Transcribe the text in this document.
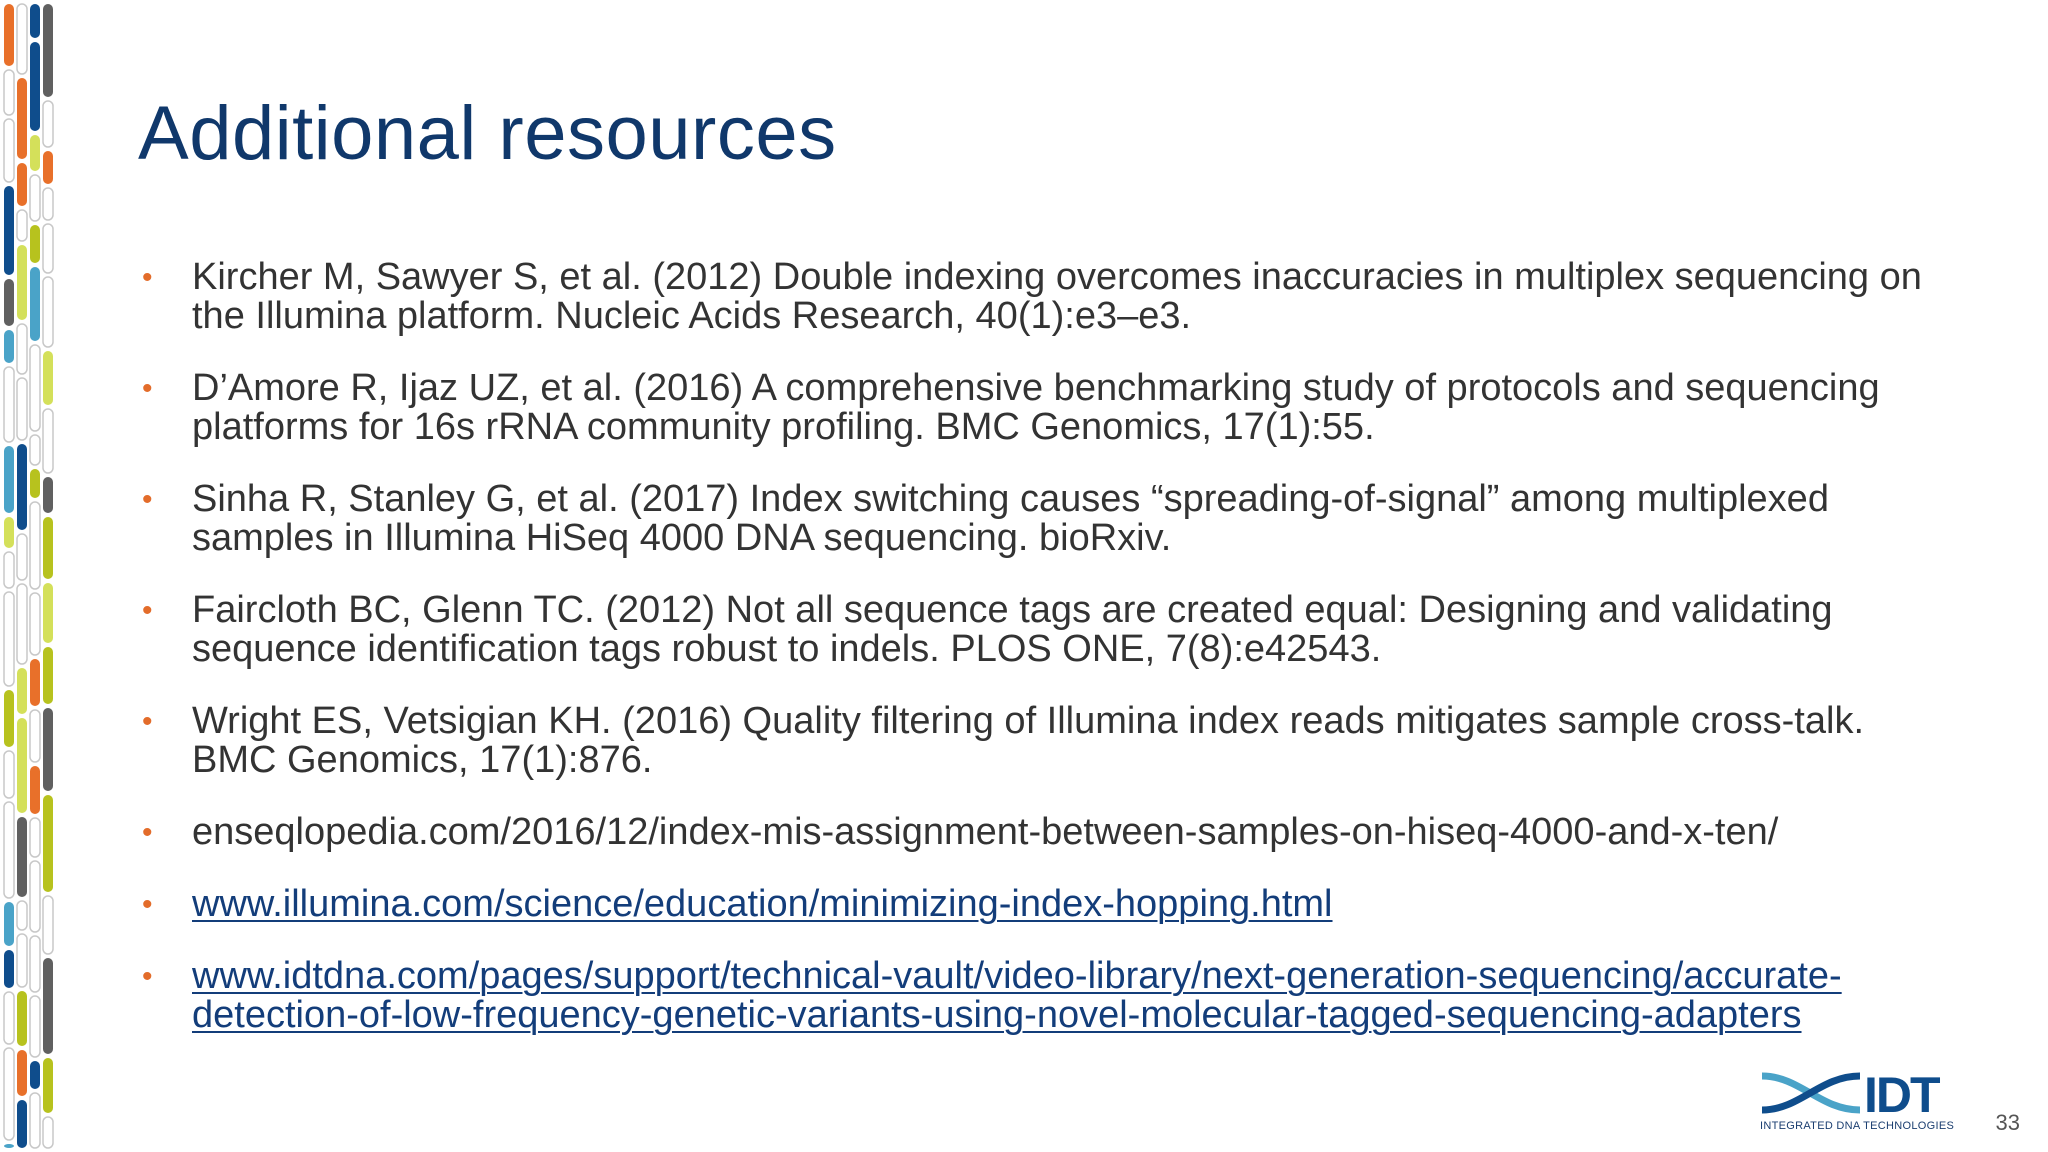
Additional resources
• Kircher M, Sawyer S, et al. (2012) Double indexing overcomes inaccuracies in multiplex sequencing on the Illumina platform. Nucleic Acids Research, 40(1):e3–e3.
• D’Amore R, Ijaz UZ, et al. (2016) A comprehensive benchmarking study of protocols and sequencing platforms for 16s rRNA community profiling. BMC Genomics, 17(1):55.
• Sinha R, Stanley G, et al. (2017) Index switching causes “spreading-of-signal” among multiplexed samples in Illumina HiSeq 4000 DNA sequencing. bioRxiv.
• Faircloth BC, Glenn TC. (2012) Not all sequence tags are created equal: Designing and validating sequence identification tags robust to indels. PLOS ONE, 7(8):e42543.
• Wright ES, Vetsigian KH. (2016) Quality filtering of Illumina index reads mitigates sample cross-talk. BMC Genomics, 17(1):876.
• enseqlopedia.com/2016/12/index-mis-assignment-between-samples-on-hiseq-4000-and-x-ten/
• www.illumina.com/science/education/minimizing-index-hopping.html
• www.idtdna.com/pages/support/technical-vault/video-library/next-generation-sequencing/accurate-detection-of-low-frequency-genetic-variants-using-novel-molecular-tagged-sequencing-adapters
IDT
INTEGRATED DNA TECHNOLOGIES	33
